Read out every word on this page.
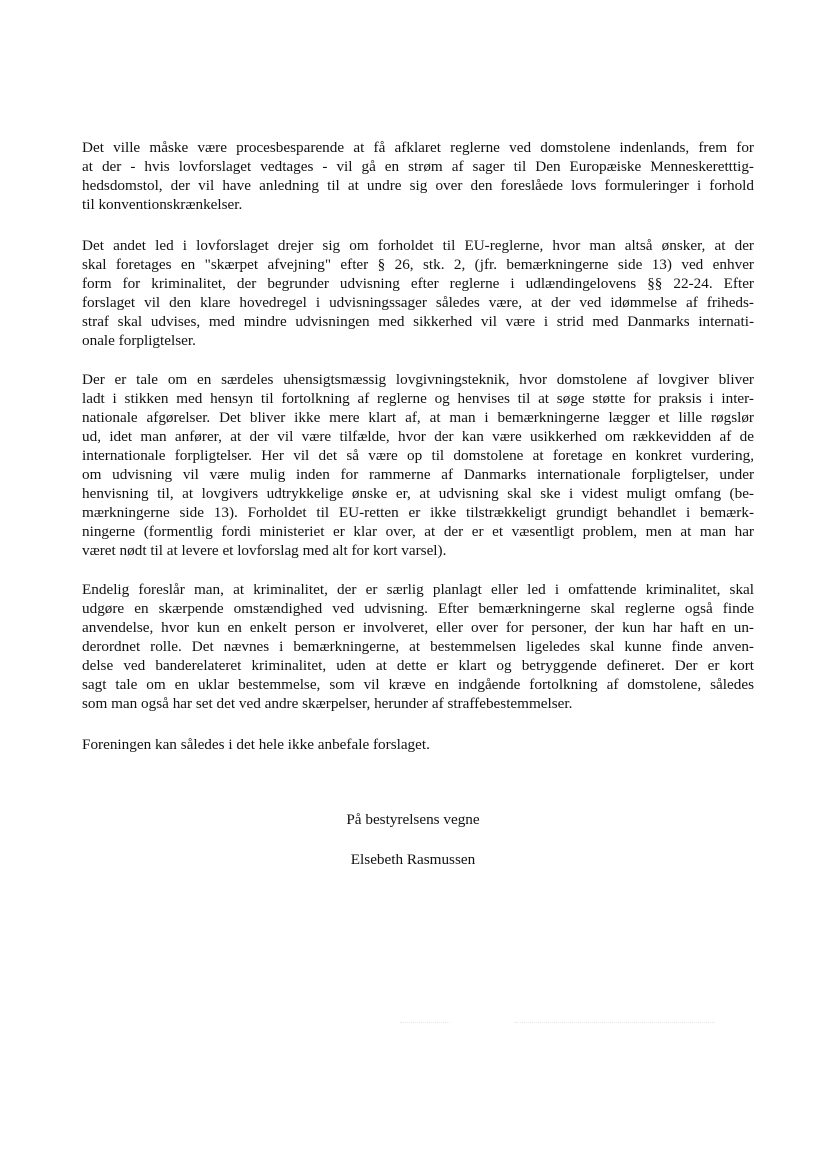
Det ville måske være procesbesparende at få afklaret reglerne ved domstolene indenlands, frem for
at der - hvis lovforslaget vedtages - vil gå en strøm af sager til Den Europæiske Menneskeretttig-
hedsdomstol, der vil have anledning til at undre sig over den foreslåede lovs formuleringer i forhold
til konventionskrænkelser.
Det andet led i lovforslaget drejer sig om forholdet til EU-reglerne, hvor man altså ønsker, at der
skal foretages en "skærpet afvejning" efter § 26, stk. 2, (jfr. bemærkningerne side 13) ved enhver
form for kriminalitet, der begrunder udvisning efter reglerne i udlændingelovens §§ 22-24. Efter
forslaget vil den klare hovedregel i udvisningssager således være, at der ved idømmelse af friheds-
straf skal udvises, med mindre udvisningen med sikkerhed vil være i strid med Danmarks internati-
onale forpligtelser.
Der er tale om en særdeles uhensigtsmæssig lovgivningsteknik, hvor domstolene af lovgiver bliver
ladt i stikken med hensyn til fortolkning af reglerne og henvises til at søge støtte for praksis i inter-
nationale afgørelser. Det bliver ikke mere klart af, at man i bemærkningerne lægger et lille røgslør
ud, idet man anfører, at der vil være tilfælde, hvor der kan være usikkerhed om rækkevidden af de
internationale forpligtelser. Her vil det så være op til domstolene at foretage en konkret vurdering,
om udvisning vil være mulig inden for rammerne af Danmarks internationale forpligtelser, under
henvisning til, at lovgivers udtrykkelige ønske er, at udvisning skal ske i videst muligt omfang (be-
mærkningerne side 13). Forholdet til EU-retten er ikke tilstrækkeligt grundigt behandlet i bemærk-
ningerne (formentlig fordi ministeriet er klar over, at der er et væsentligt problem, men at man har
været nødt til at levere et lovforslag med alt for kort varsel).
Endelig foreslår man, at kriminalitet, der er særlig planlagt eller led i omfattende kriminalitet, skal
udgøre en skærpende omstændighed ved udvisning. Efter bemærkningerne skal reglerne også finde
anvendelse, hvor kun en enkelt person er involveret, eller over for personer, der kun har haft en un-
derordnet rolle. Det nævnes i bemærkningerne, at bestemmelsen ligeledes skal kunne finde anven-
delse ved banderelateret kriminalitet, uden at dette er klart og betryggende defineret. Der er kort
sagt tale om en uklar bestemmelse, som vil kræve en indgående fortolkning af domstolene, således
som man også har set det ved andre skærpelser, herunder af straffebestemmelser.
Foreningen kan således i det hele ikke anbefale forslaget.

På bestyrelsens vegne

Elsebeth Rasmussen
